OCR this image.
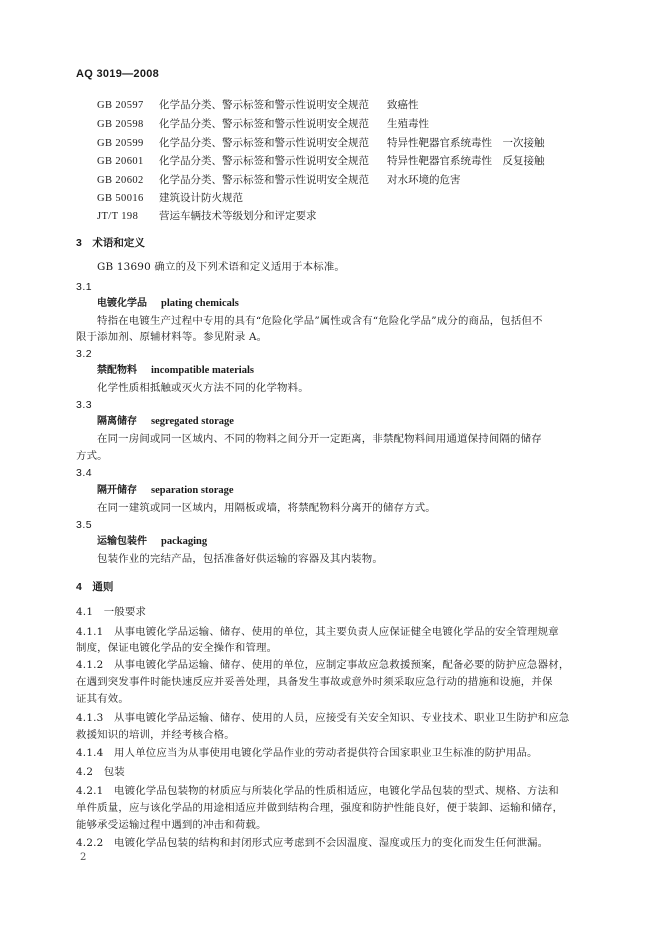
AQ 3019—2008
GB 20597 化学品分类、警示标签和警示性说明安全规范 致癌性
GB 20598 化学品分类、警示标签和警示性说明安全规范 生殖毒性
GB 20599 化学品分类、警示标签和警示性说明安全规范 特异性靶器官系统毒性　一次接触
GB 20601 化学品分类、警示标签和警示性说明安全规范 特异性靶器官系统毒性　反复接触
GB 20602 化学品分类、警示标签和警示性说明安全规范 对水环境的危害
GB 50016 建筑设计防火规范
JT/T 198 营运车辆技术等级划分和评定要求
3　术语和定义
GB 13690 确立的及下列术语和定义适用于本标准。
3.1
电镀化学品 plating chemicals
特指在电镀生产过程中专用的具有“危险化学品”属性或含有“危险化学品”成分的商品，包括但不
限于添加剂、原辅材料等。参见附录 A。
3.2
禁配物料 incompatible materials
化学性质相抵触或灭火方法不同的化学物料。
3.3
隔离储存 segregated storage
在同一房间或同一区域内、不同的物料之间分开一定距离，非禁配物料间用通道保持间隔的储存
方式。
3.4
隔开储存 separation storage
在同一建筑或同一区域内，用隔板或墙，将禁配物料分离开的储存方式。
3.5
运输包装件 packaging
包装作业的完结产品，包括准备好供运输的容器及其内装物。
4　通则
4.1　一般要求
4.1.1　从事电镀化学品运输、储存、使用的单位，其主要负责人应保证健全电镀化学品的安全管理规章
制度，保证电镀化学品的安全操作和管理。
4.1.2　从事电镀化学品运输、储存、使用的单位，应制定事故应急救援预案，配备必要的防护应急器材，
在遇到突发事件时能快速反应并妥善处理，具备发生事故或意外时须采取应急行动的措施和设施，并保
证其有效。
4.1.3　从事电镀化学品运输、储存、使用的人员，应接受有关安全知识、专业技术、职业卫生防护和应急
救援知识的培训，并经考核合格。
4.1.4　用人单位应当为从事使用电镀化学品作业的劳动者提供符合国家职业卫生标准的防护用品。
4.2　包装
4.2.1　电镀化学品包装物的材质应与所装化学品的性质相适应，电镀化学品包装的型式、规格、方法和
单件质量，应与该化学品的用途相适应并做到结构合理，强度和防护性能良好，便于装卸、运输和储存，
能够承受运输过程中遇到的冲击和荷载。
4.2.2　电镀化学品包装的结构和封闭形式应考虑到不会因温度、湿度或压力的变化而发生任何泄漏。
2
